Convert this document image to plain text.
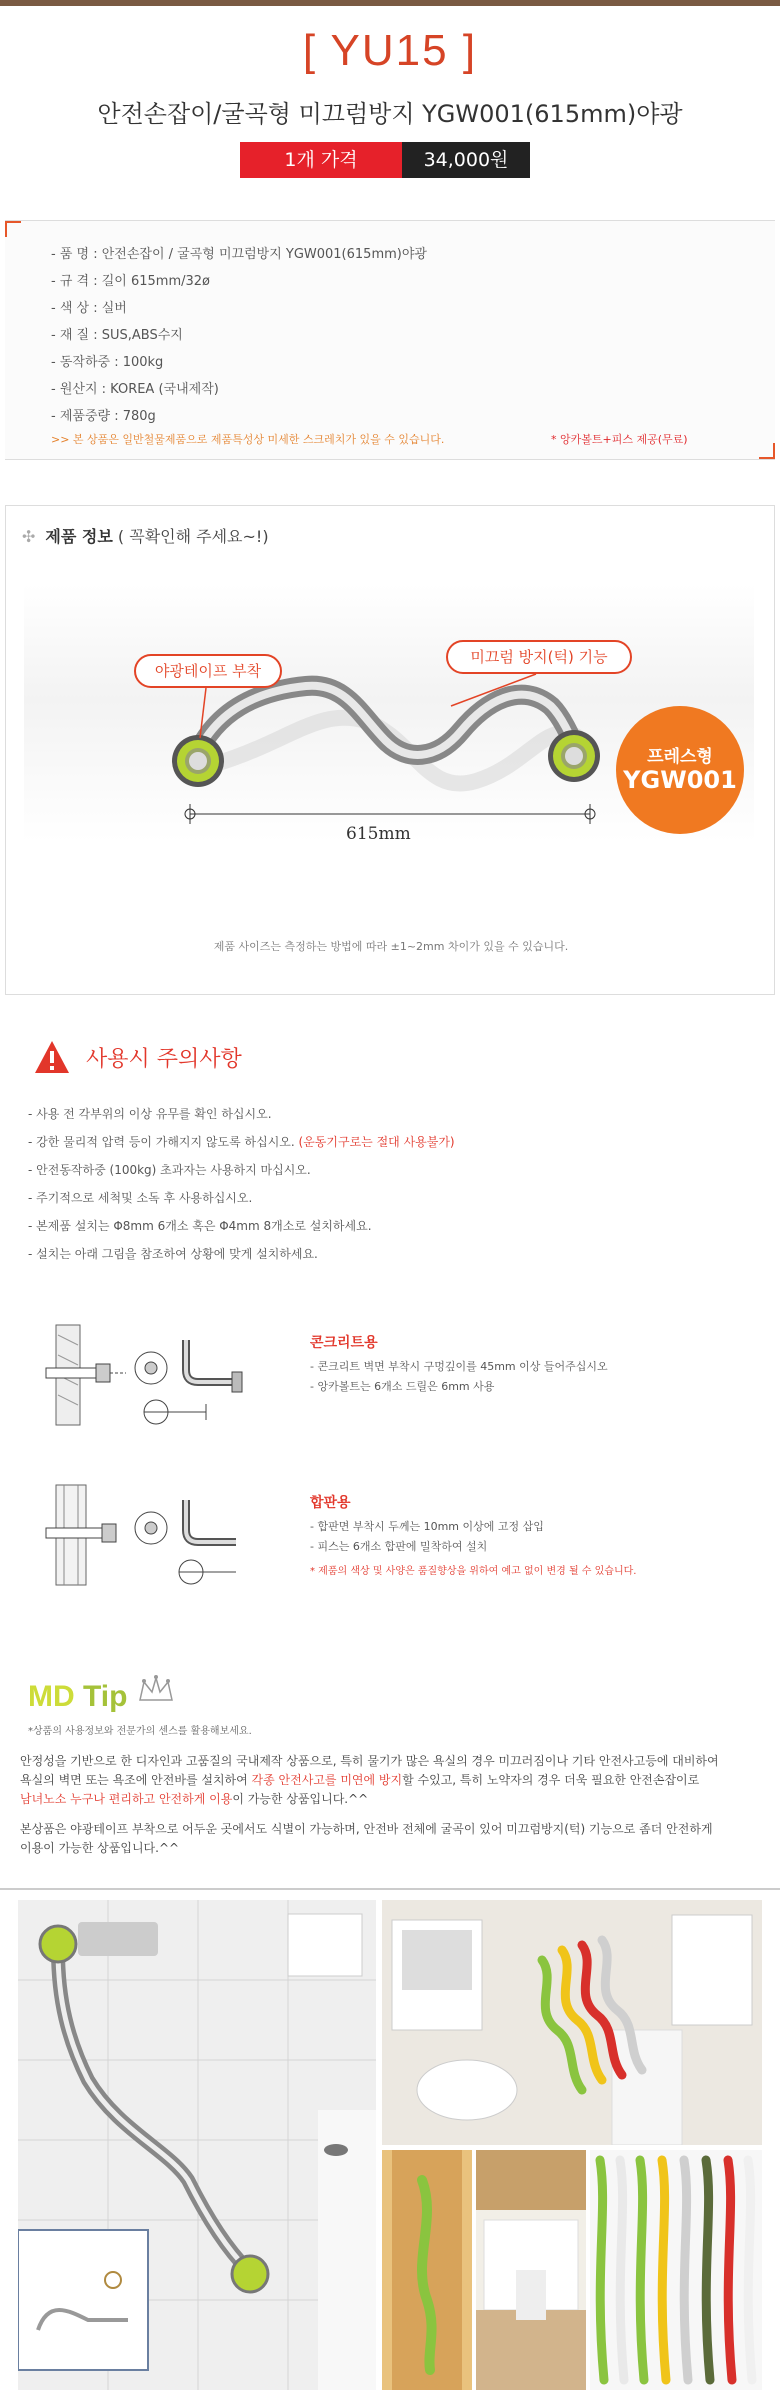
[ YU15 ]
안전손잡이/굴곡형 미끄럼방지 YGW001(615mm)야광
1개 가격	34,000원
- 품 명 : 안전손잡이 / 굴곡형 미끄럼방지 YGW001(615mm)야광
- 규 격 : 길이 615mm/32ø
- 색 상 : 실버
- 재 질 : SUS,ABS수지
- 동작하중 : 100kg
- 원산지 : KOREA (국내제작)
- 제품중량 : 780g
>> 본 상품은 일반철물제품으로 제품특성상 미세한 스크레치가 있을 수 있습니다.	* 앙카볼트+피스 제공(무료)
✣ 제품 정보 ( 꼭확인해 주세요~!)
야광테이프 부착
미끄럼 방지(턱) 기능
프레스형
YGW001
615mm
제품 사이즈는 측정하는 방법에 따라 ±1~2mm 차이가 있을 수 있습니다.
사용시 주의사항
- 사용 전 각부위의 이상 유무를 확인 하십시오.
- 강한 물리적 압력 등이 가해지지 않도록 하십시오. (운동기구로는 절대 사용불가)
- 안전동작하중 (100kg) 초과자는 사용하지 마십시오.
- 주기적으로 세척및 소독 후 사용하십시오.
- 본제품 설치는 Φ8mm 6개소 혹은 Φ4mm 8개소로 설치하세요.
- 설치는 아래 그림을 참조하여 상황에 맞게 설치하세요.
콘크리트용
- 콘크리트 벽면 부착시 구멍깊이를 45mm 이상 들어주십시오
- 앙카볼트는 6개소 드릴은 6mm 사용
합판용
- 합판면 부착시 두께는 10mm 이상에 고정 삽입
- 피스는 6개소 합판에 밀착하여 설치
* 제품의 색상 및 사양은 품질향상을 위하여 예고 없이 변경 될 수 있습니다.
MD Tip
*상품의 사용정보와 전문가의 센스를 활용해보세요.
안정성을 기반으로 한 디자인과 고품질의 국내제작 상품으로, 특히 물기가 많은 욕실의 경우 미끄러짐이나 기타 안전사고등에 대비하여
욕실의 벽면 또는 욕조에 안전바를 설치하여 각종 안전사고를 미연에 방지할 수있고, 특히 노약자의 경우 더욱 필요한 안전손잡이로
남녀노소 누구나 편리하고 안전하게 이용이 가능한 상품입니다.^^
본상품은 야광테이프 부착으로 어두운 곳에서도 식별이 가능하며, 안전바 전체에 굴곡이 있어 미끄럼방지(턱) 기능으로 좀더 안전하게
이용이 가능한 상품입니다.^^
